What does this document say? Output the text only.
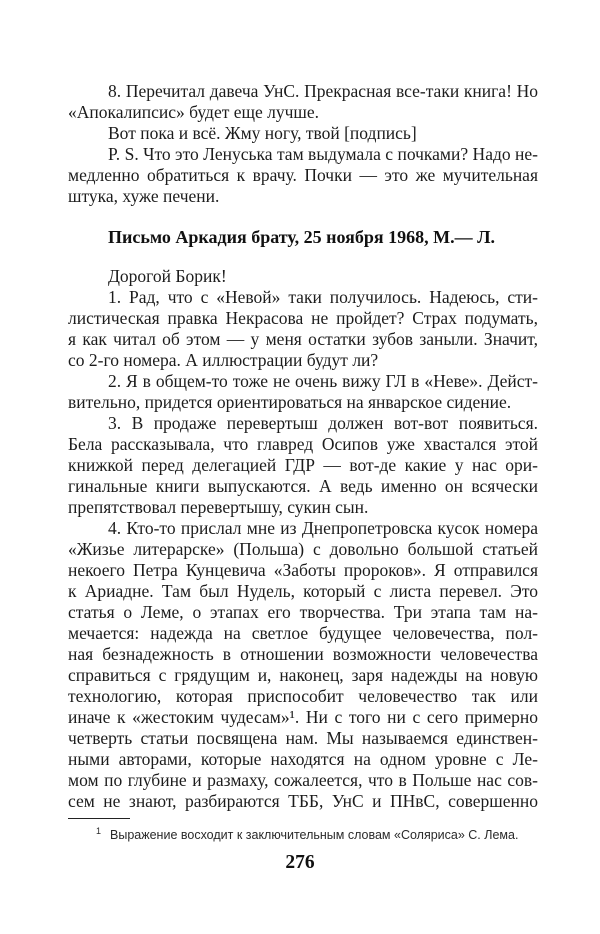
8. Перечитал давеча УнС. Прекрасная все-таки книга! Но
«Апокалипсис» будет еще лучше.
Вот пока и всё. Жму ногу, твой [подпись]
P. S. Что это Ленуська там выдумала с почками? Надо не-
медленно обратиться к врачу. Почки — это же мучительная
штука, хуже печени.
Письмо Аркадия брату, 25 ноября 1968, М.— Л.
Дорогой Борик!
1. Рад, что с «Невой» таки получилось. Надеюсь, сти-
листическая правка Некрасова не пройдет? Страх подумать,
я как читал об этом — у меня остатки зубов заныли. Значит,
со 2-го номера. А иллюстрации будут ли?
2. Я в общем-то тоже не очень вижу ГЛ в «Неве». Дейст-
вительно, придется ориентироваться на январское сидение.
3. В продаже перевертыш должен вот-вот появиться.
Бела рассказывала, что главред Осипов уже хвастался этой
книжкой перед делегацией ГДР — вот-де какие у нас ори-
гинальные книги выпускаются. А ведь именно он всячески
препятствовал перевертышу, сукин сын.
4. Кто-то прислал мне из Днепропетровска кусок номера
«Жизье литерарске» (Польша) с довольно большой статьей
некоего Петра Кунцевича «Заботы пророков». Я отправился
к Ариадне. Там был Нудель, который с листа перевел. Это
статья о Леме, о этапах его творчества. Три этапа там на-
мечается: надежда на светлое будущее человечества, пол-
ная безнадежность в отношении возможности человечества
справиться с грядущим и, наконец, заря надежды на новую
технологию, которая приспособит человечество так или
иначе к «жестоким чудесам»¹. Ни с того ни с сего примерно
четверть статьи посвящена нам. Мы называемся единствен-
ными авторами, которые находятся на одном уровне с Ле-
мом по глубине и размаху, сожалеется, что в Польше нас сов-
сем не знают, разбираются ТББ, УнС и ПНвС, совершенно
$^1$ Выражение восходит к заключительным словам «Соляриса» С. Лема.
276
